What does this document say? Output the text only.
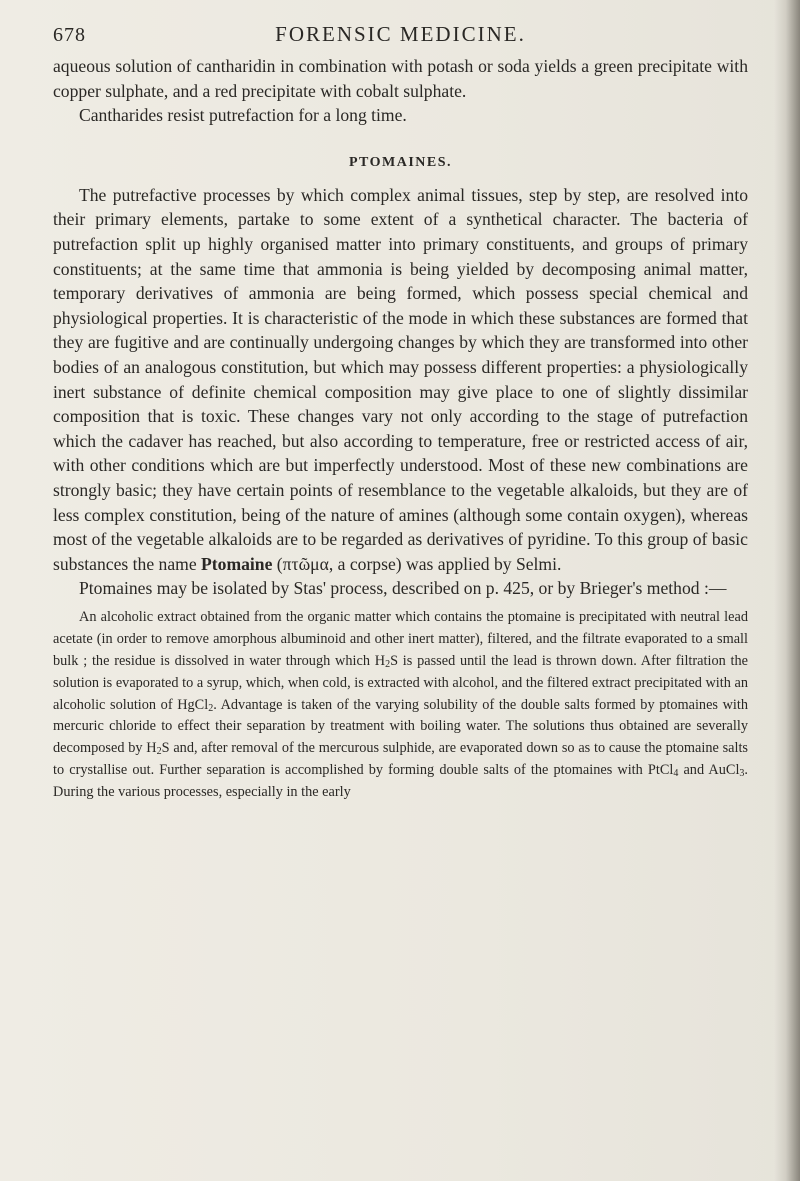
678	FORENSIC MEDICINE.

aqueous solution of cantharidin in combination with potash or soda yields a green precipitate with copper sulphate, and a red precipitate with cobalt sulphate.

Cantharides resist putrefaction for a long time.

PTOMAINES.

The putrefactive processes by which complex animal tissues, step by step, are resolved into their primary elements, partake to some extent of a synthetical character. The bacteria of putrefaction split up highly organised matter into primary constituents, and groups of primary constituents; at the same time that ammonia is being yielded by decomposing animal matter, temporary derivatives of ammonia are being formed, which possess special chemical and physiological properties. It is characteristic of the mode in which these substances are formed that they are fugitive and are continually undergoing changes by which they are transformed into other bodies of an analogous constitution, but which may possess different properties: a physiologically inert substance of definite chemical composition may give place to one of slightly dissimilar composition that is toxic. These changes vary not only according to the stage of putrefaction which the cadaver has reached, but also according to temperature, free or restricted access of air, with other conditions which are but imperfectly understood. Most of these new combinations are strongly basic; they have certain points of resemblance to the vegetable alkaloids, but they are of less complex constitution, being of the nature of amines (although some contain oxygen), whereas most of the vegetable alkaloids are to be regarded as derivatives of pyridine. To this group of basic substances the name Ptomaine (πτῶμα, a corpse) was applied by Selmi.

Ptomaines may be isolated by Stas' process, described on p. 425, or by Brieger's method :—

An alcoholic extract obtained from the organic matter which contains the ptomaine is precipitated with neutral lead acetate (in order to remove amorphous albuminoid and other inert matter), filtered, and the filtrate evaporated to a small bulk ; the residue is dissolved in water through which $H_2S$ is passed until the lead is thrown down. After filtration the solution is evaporated to a syrup, which, when cold, is extracted with alcohol, and the filtered extract precipitated with an alcoholic solution of HgCl$_2$. Advantage is taken of the varying solubility of the double salts formed by ptomaines with mercuric chloride to effect their separation by treatment with boiling water. The solutions thus obtained are severally decomposed by $H_2S$ and, after removal of the mercurous sulphide, are evaporated down so as to cause the ptomaine salts to crystallise out. Further separation is accomplished by forming double salts of the ptomaines with PtCl$_4$ and AuCl$_3$. During the various processes, especially in the early
